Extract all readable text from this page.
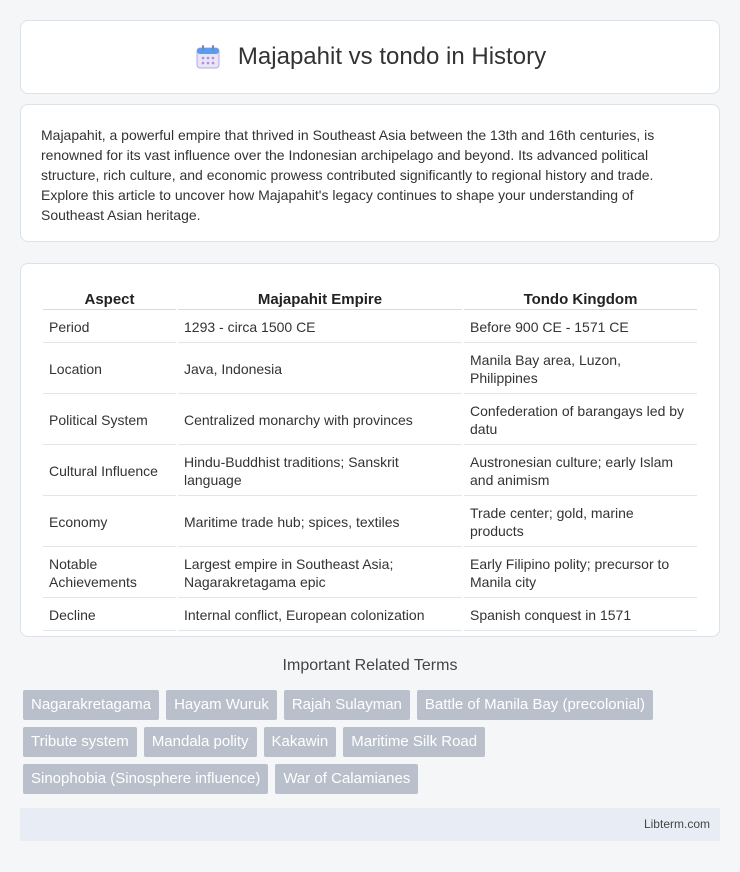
Majapahit vs tondo in History

Majapahit, a powerful empire that thrived in Southeast Asia between the 13th and 16th centuries, is renowned for its vast influence over the Indonesian archipelago and beyond. Its advanced political structure, rich culture, and economic prowess contributed significantly to regional history and trade. Explore this article to uncover how Majapahit's legacy continues to shape your understanding of Southeast Asian heritage.

Aspect	Majapahit Empire	Tondo Kingdom
Period	1293 - circa 1500 CE	Before 900 CE - 1571 CE
Location	Java, Indonesia	Manila Bay area, Luzon, Philippines
Political System	Centralized monarchy with provinces	Confederation of barangays led by datu
Cultural Influence	Hindu-Buddhist traditions; Sanskrit language	Austronesian culture; early Islam and animism
Economy	Maritime trade hub; spices, textiles	Trade center; gold, marine products
Notable Achievements	Largest empire in Southeast Asia; Nagarakretagama epic	Early Filipino polity; precursor to Manila city
Decline	Internal conflict, European colonization	Spanish conquest in 1571
Important Related Terms
Nagarakretagama	Hayam Wuruk	Rajah Sulayman	Battle of Manila Bay (precolonial)
Tribute system	Mandala polity	Kakawin	Maritime Silk Road
Sinophobia (Sinosphere influence)	War of Calamianes
Libterm.com
